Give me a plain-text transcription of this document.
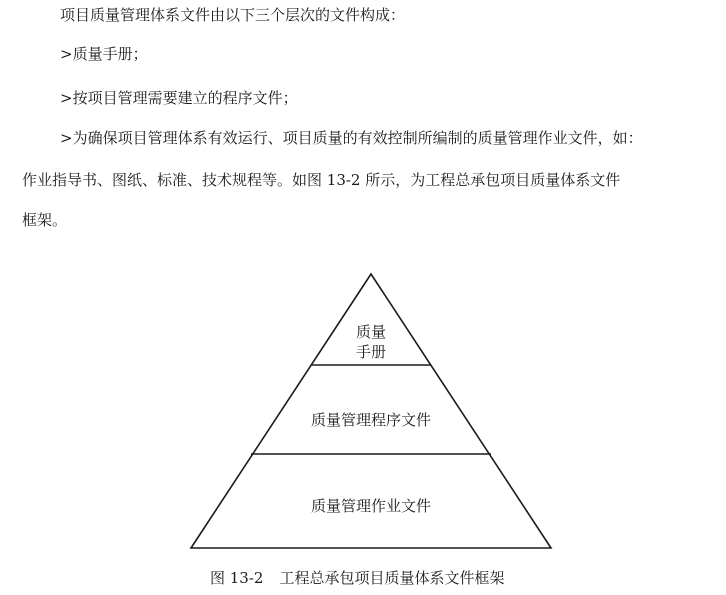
项目质量管理体系文件由以下三个层次的文件构成：
>质量手册；
>按项目管理需要建立的程序文件；
>为确保项目管理体系有效运行、项目质量的有效控制所编制的质量管理作业文件，如：
作业指导书、图纸、标准、技术规程等。如图 13-2 所示，为工程总承包项目质量体系文件
框架。
质量
手册
质量管理程序文件
质量管理作业文件
图 13-2 工程总承包项目质量体系文件框架
